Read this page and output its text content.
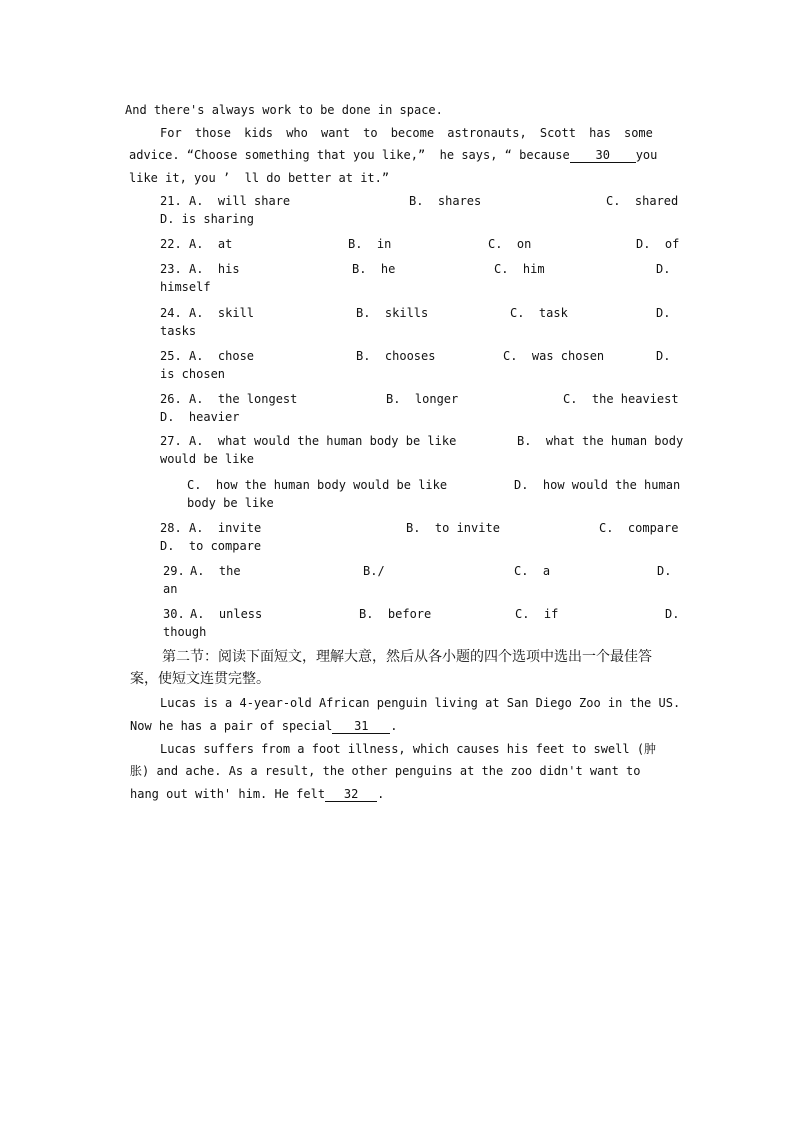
And there's always work to be done in space.
For those kids who want to become astronauts, Scott has some
advice. “Choose something that you like,”  he says, “ because 30 you
like it, you ’  ll do better at it.”
21. A.  will share	B.  shares	C.  shared
D. is sharing
22. A.  at	B.  in	C.  on	D.  of
23. A.  his	B.  he	C.  him	D.
himself
24. A.  skill	B.  skills	C.  task	D.
tasks
25. A.  chose	B.  chooses	C.  was chosen	D.
is chosen
26. A.  the longest	B.  longer	C.  the heaviest
D.  heavier
27. A.  what would the human body be like	B.  what the human body
would be like
C.  how the human body would be like	D.  how would the human
body be like
28. A.  invite	B.  to invite	C.  compare
D.  to compare
29. A.  the	B./	C.  a	D.
an
30. A.  unless	B.  before	C.  if	D.
though
第二节：阅读下面短文，理解大意，然后从各小题的四个选项中选出一个最佳答
案，使短文连贯完整。
Lucas is a 4-year-old African penguin living at San Diego Zoo in the US.
Now he has a pair of special 31 .
Lucas suffers from a foot illness, which causes his feet to swell (肿
胀) and ache. As a result, the other penguins at the zoo didn't want to
hang out with' him. He felt 32 .
